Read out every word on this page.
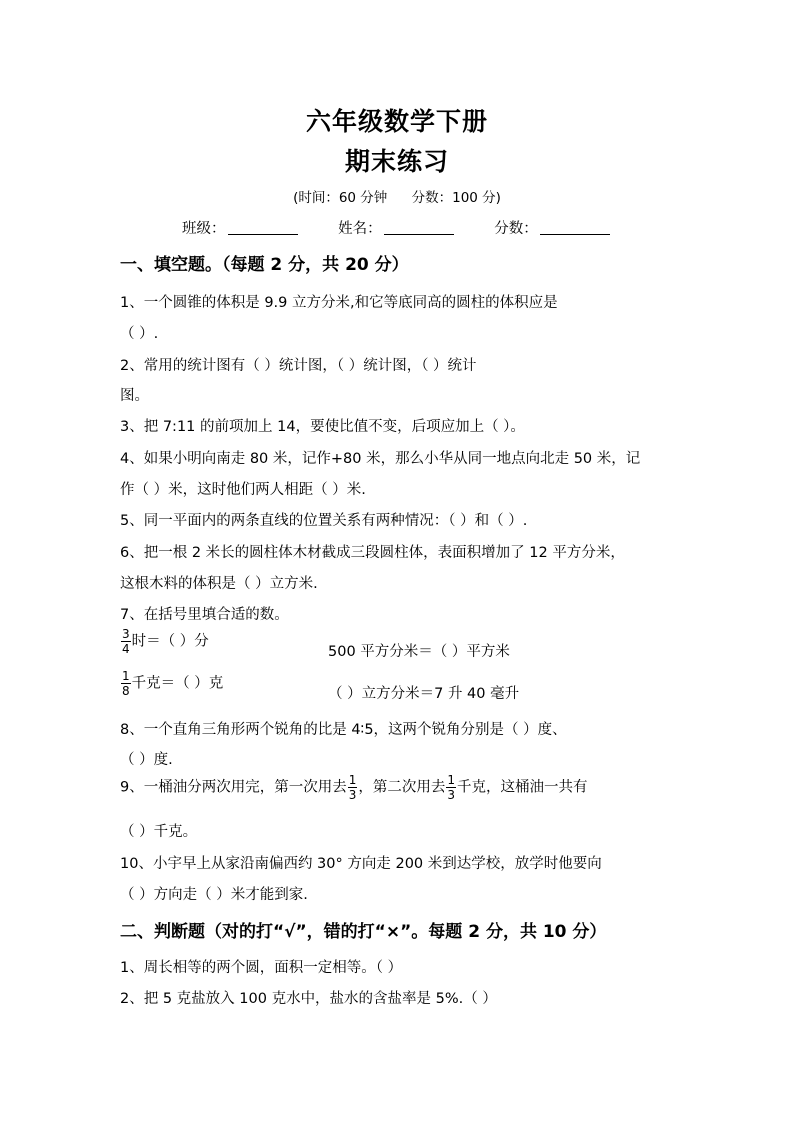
六年级数学下册
期末练习
(时间：60 分钟 分数：100 分)
班级：	姓名：	分数：
一、填空题。（每题 2 分，共 20 分）
1、一个圆锥的体积是 9.9 立方分米,和它等底同高的圆柱的体积应是
（ ）.
2、常用的统计图有（ ）统计图，（ ）统计图，（ ）统计
图。
3、把 7:11 的前项加上 14，要使比值不变，后项应加上（ ）。
4、如果小明向南走 80 米，记作+80 米，那么小华从同一地点向北走 50 米，记
作（ ）米，这时他们两人相距（ ）米.
5、同一平面内的两条直线的位置关系有两种情况：（ ）和（ ）.
6、把一根 2 米长的圆柱体木材截成三段圆柱体，表面积增加了 12 平方分米，
这根木料的体积是（ ）立方米.
7、在括号里填合适的数。
$\frac{3}{4}$ 时＝（ ）分
500 平方分米＝（ ）平方米
$\frac{1}{8}$ 千克＝（ ）克
（ ）立方分米＝7 升 40 毫升
8、一个直角三角形两个锐角的比是 4∶5，这两个锐角分别是（ ）度、
（ ）度.
9、一桶油分两次用完，第一次用去 $\frac{1}{3}$ ，第二次用去 $\frac{1}{3}$ 千克，这桶油一共有
（ ）千克。
10、小宇早上从家沿南偏西约 30° 方向走 200 米到达学校，放学时他要向
（ ）方向走（ ）米才能到家.
二、判断题（对的打“√”，错的打“×”。每题 2 分，共 10 分）
1、周长相等的两个圆，面积一定相等。（ ）
2、把 5 克盐放入 100 克水中，盐水的含盐率是 5%.（ ）
